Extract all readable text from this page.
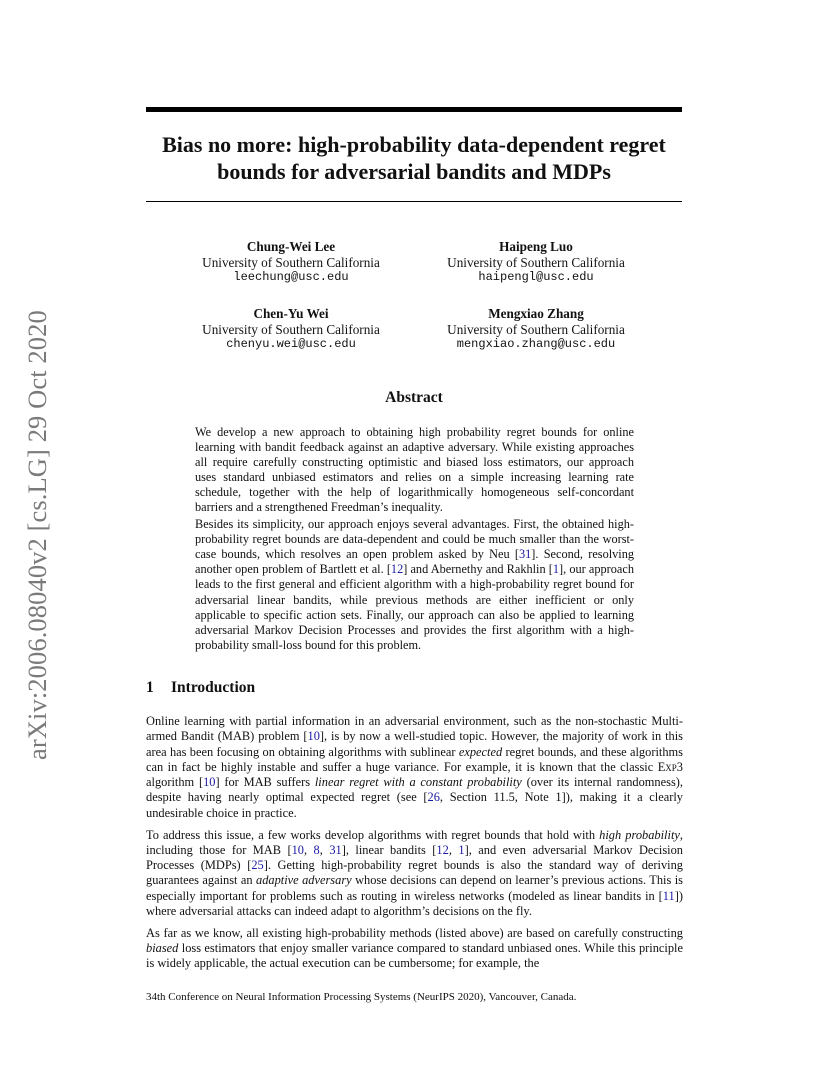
arXiv:2006.08040v2 [cs.LG] 29 Oct 2020
Bias no more: high-probability data-dependent regret
bounds for adversarial bandits and MDPs
Chung-Wei Lee
University of Southern California
leechung@usc.edu
Haipeng Luo
University of Southern California
haipengl@usc.edu
Chen-Yu Wei
University of Southern California
chenyu.wei@usc.edu
Mengxiao Zhang
University of Southern California
mengxiao.zhang@usc.edu
Abstract

We develop a new approach to obtaining high probability regret bounds for online learning with bandit feedback against an adaptive adversary. While existing approaches all require carefully constructing optimistic and biased loss estimators, our approach uses standard unbiased estimators and relies on a simple increasing learning rate schedule, together with the help of logarithmically homogeneous self-concordant barriers and a strengthened Freedman’s inequality.

Besides its simplicity, our approach enjoys several advantages. First, the obtained high-probability regret bounds are data-dependent and could be much smaller than the worst-case bounds, which resolves an open problem asked by Neu [31]. Second, resolving another open problem of Bartlett et al. [12] and Abernethy and Rakhlin [1], our approach leads to the first general and efficient algorithm with a high-probability regret bound for adversarial linear bandits, while previous methods are either inefficient or only applicable to specific action sets. Finally, our approach can also be applied to learning adversarial Markov Decision Processes and provides the first algorithm with a high-probability small-loss bound for this problem.

1 Introduction

Online learning with partial information in an adversarial environment, such as the non-stochastic Multi-armed Bandit (MAB) problem [10], is by now a well-studied topic. However, the majority of work in this area has been focusing on obtaining algorithms with sublinear expected regret bounds, and these algorithms can in fact be highly instable and suffer a huge variance. For example, it is known that the classic Exp3 algorithm [10] for MAB suffers linear regret with a constant probability (over its internal randomness), despite having nearly optimal expected regret (see [26, Section 11.5, Note 1]), making it a clearly undesirable choice in practice.

To address this issue, a few works develop algorithms with regret bounds that hold with high probability, including those for MAB [10, 8, 31], linear bandits [12, 1], and even adversarial Markov Decision Processes (MDPs) [25]. Getting high-probability regret bounds is also the standard way of deriving guarantees against an adaptive adversary whose decisions can depend on learner’s previous actions. This is especially important for problems such as routing in wireless networks (modeled as linear bandits in [11]) where adversarial attacks can indeed adapt to algorithm’s decisions on the fly.

As far as we know, all existing high-probability methods (listed above) are based on carefully constructing biased loss estimators that enjoy smaller variance compared to standard unbiased ones. While this principle is widely applicable, the actual execution can be cumbersome; for example, the

34th Conference on Neural Information Processing Systems (NeurIPS 2020), Vancouver, Canada.
